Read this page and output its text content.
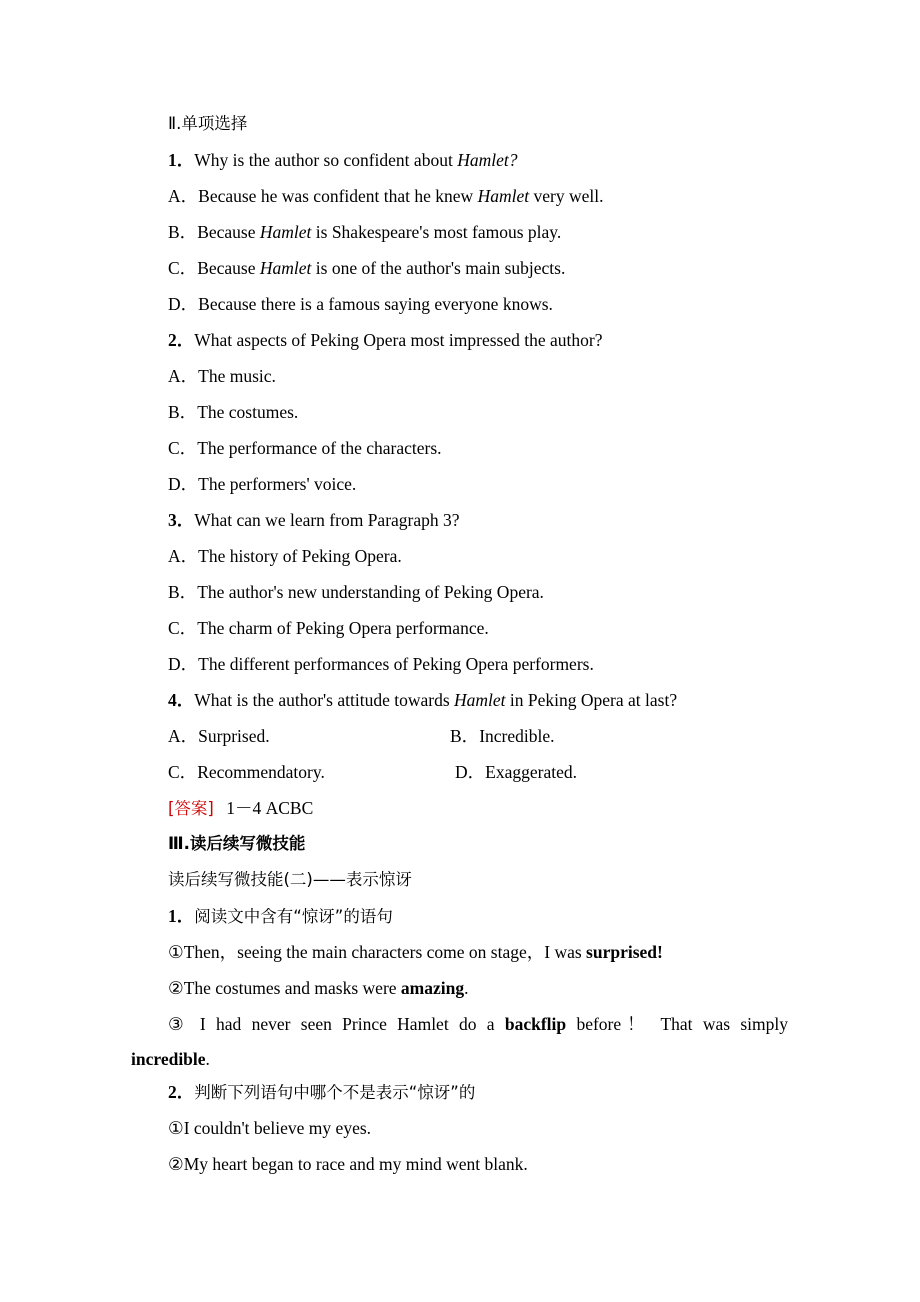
Ⅱ.单项选择
1．Why is the author so confident about Hamlet?
A．Because he was confident that he knew Hamlet very well.
B．Because Hamlet is Shakespeare's most famous play.
C．Because Hamlet is one of the author's main subjects.
D．Because there is a famous saying everyone knows.
2．What aspects of Peking Opera most impressed the author?
A．The music.
B．The costumes.
C．The performance of the characters.
D．The performers' voice.
3．What can we learn from Paragraph 3?
A．The history of Peking Opera.
B．The author's new understanding of Peking Opera.
C．The charm of Peking Opera performance.
D．The different performances of Peking Opera performers.
4．What is the author's attitude towards Hamlet in Peking Opera at last?
A．Surprised.	B．Incredible.
C．Recommendatory.	D．Exaggerated.
[答案] 1－4 ACBC
Ⅲ.读后续写微技能
读后续写微技能(二)——表示惊讶
1．阅读文中含有“惊讶”的语句
①Then，seeing the main characters come on stage，I was surprised!
②The costumes and masks were amazing.
③ I had never seen Prince Hamlet do a backflip before！ That was simply
incredible.
2．判断下列语句中哪个不是表示“惊讶”的
①I couldn't believe my eyes.
②My heart began to race and my mind went blank.
